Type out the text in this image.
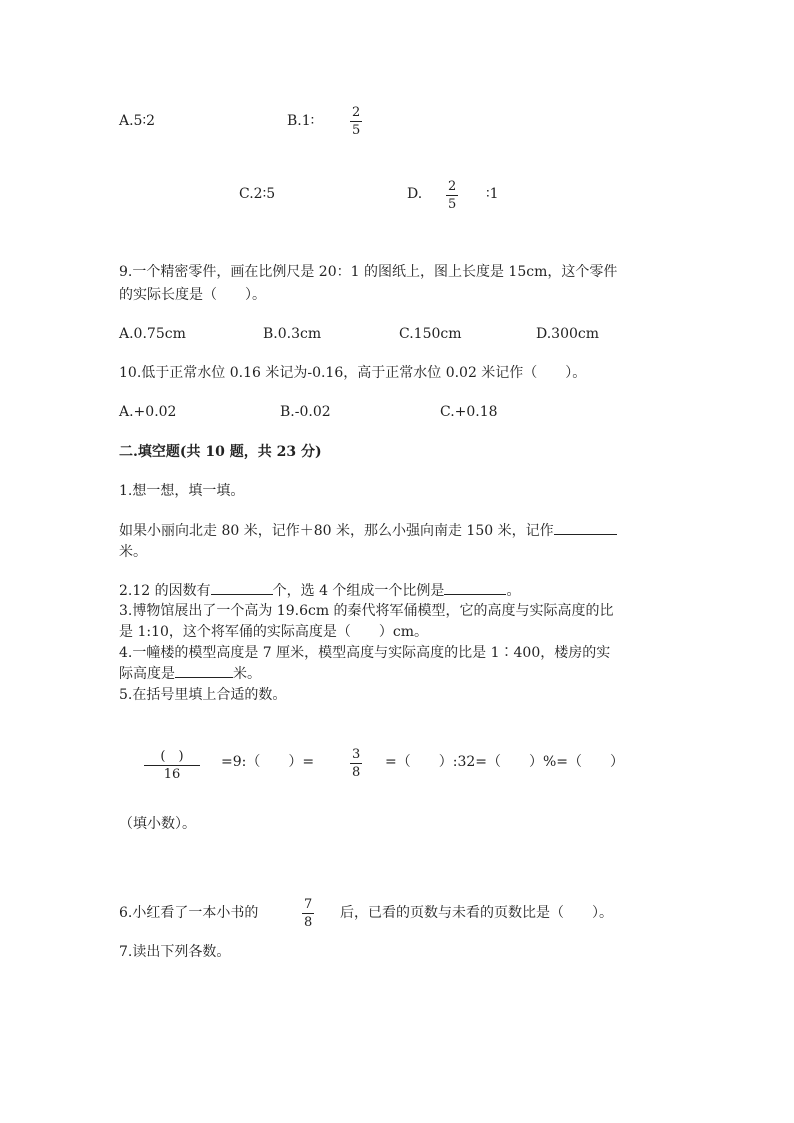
A.5∶2	B.1∶	$\frac{2}{5}$
C.2∶5	D. $\frac{2}{5}$ ∶1
9.一个精密零件，画在比例尺是 20：1 的图纸上，图上长度是 15cm，这个零件
的实际长度是（　　）。
A.0.75cm	B.0.3cm	C.150cm	D.300cm
10.低于正常水位 0.16 米记为-0.16，高于正常水位 0.02 米记作（　　）。
A.+0.02	B.-0.02	C.+0.18
二.填空题(共 10 题，共 23 分)
1.想一想，填一填。
如果小丽向北走 80 米，记作＋80 米，那么小强向南走 150 米，记作
米。
2.12 的因数有	个，选 4 个组成一个比例是	。
3.博物馆展出了一个高为 19.6cm 的秦代将军俑模型，它的高度与实际高度的比
是 1:10，这个将军俑的实际高度是（　　）cm。
4.一幢楼的模型高度是 7 厘米，模型高度与实际高度的比是 1∶400，楼房的实
际高度是	米。
5.在括号里填上合适的数。
(　)
16
=9:（　　）=	$\frac{3}{8}$ =（　　）:32=（　　）%=（　　）
（填小数）。
6.小红看了一本小书的	$\frac{7}{8}$ 后，已看的页数与未看的页数比是（　　）。
7.读出下列各数。
